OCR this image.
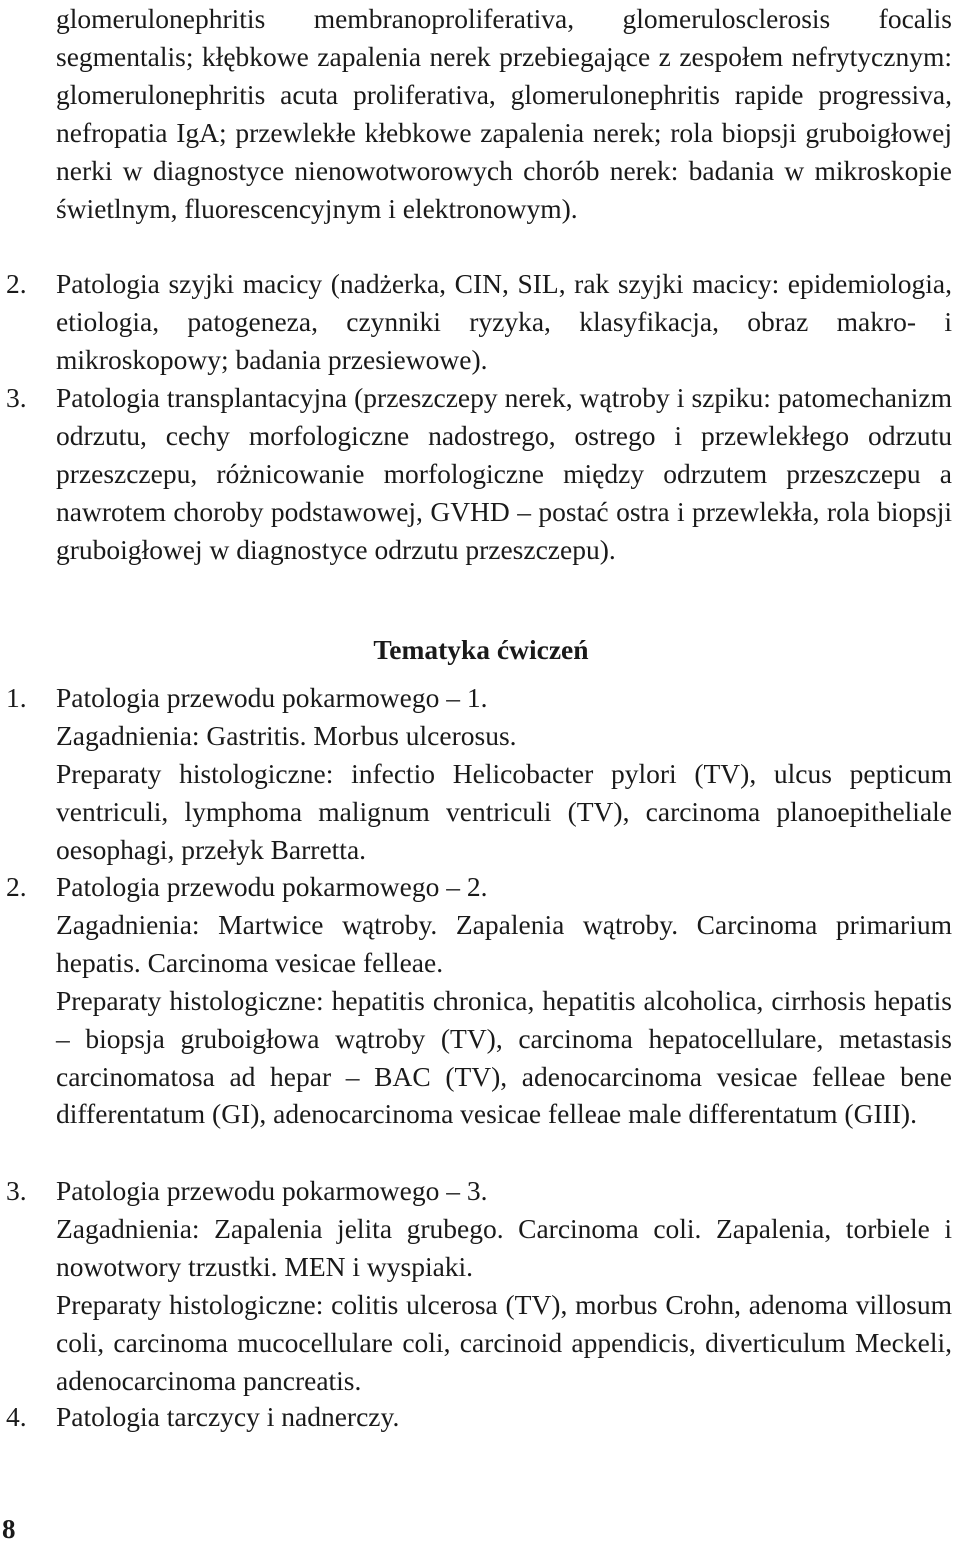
glomerulonephritis membranoproliferativa, glomerulosclerosis focalis segmentalis; kłębkowe zapalenia nerek przebiegające z zespołem nefrytycznym: glomerulonephritis acuta proliferativa, glomerulonephritis rapide progressiva, nefropatia IgA; przewlekłe kłebkowe zapalenia nerek; rola biopsji gruboigłowej nerki w diagnostyce nienowotworowych chorób nerek: badania w mikroskopie świetlnym, fluorescencyjnym i elektronowym).

2. Patologia szyjki macicy (nadżerka, CIN, SIL, rak szyjki macicy: epidemiologia, etiologia, patogeneza, czynniki ryzyka, klasyfikacja, obraz makro- i mikroskopowy; badania przesiewowe).
3. Patologia transplantacyjna (przeszczepy nerek, wątroby i szpiku: patomechanizm odrzutu, cechy morfologiczne nadostrego, ostrego i przewlekłego odrzutu przeszczepu, różnicowanie morfologiczne między odrzutem przeszczepu a nawrotem choroby podstawowej, GVHD – postać ostra i przewlekła, rola biopsji gruboigłowej w diagnostyce odrzutu przeszczepu).
Tematyka ćwiczeń
1. Patologia przewodu pokarmowego – 1.
Zagadnienia: Gastritis. Morbus ulcerosus.
Preparaty histologiczne: infectio Helicobacter pylori (TV), ulcus pepticum ventriculi, lymphoma malignum ventriculi (TV), carcinoma planoepitheliale oesophagi, przełyk Barretta.
2. Patologia przewodu pokarmowego – 2.
Zagadnienia: Martwice wątroby. Zapalenia wątroby. Carcinoma primarium hepatis. Carcinoma vesicae felleae.
Preparaty histologiczne: hepatitis chronica, hepatitis alcoholica, cirrhosis hepatis – biopsja gruboigłowa wątroby (TV), carcinoma hepatocellulare, metastasis carcinomatosa ad hepar – BAC (TV), adenocarcinoma vesicae felleae bene differentatum (GI), adenocarcinoma vesicae felleae male differentatum (GIII).
3. Patologia przewodu pokarmowego – 3.
Zagadnienia: Zapalenia jelita grubego. Carcinoma coli. Zapalenia, torbiele i nowotwory trzustki. MEN i wyspiaki.
Preparaty histologiczne: colitis ulcerosa (TV), morbus Crohn, adenoma villosum coli, carcinoma mucocellulare coli, carcinoid appendicis, diverticulum Meckeli, adenocarcinoma pancreatis.
4. Patologia tarczycy i nadnerczy.
8
